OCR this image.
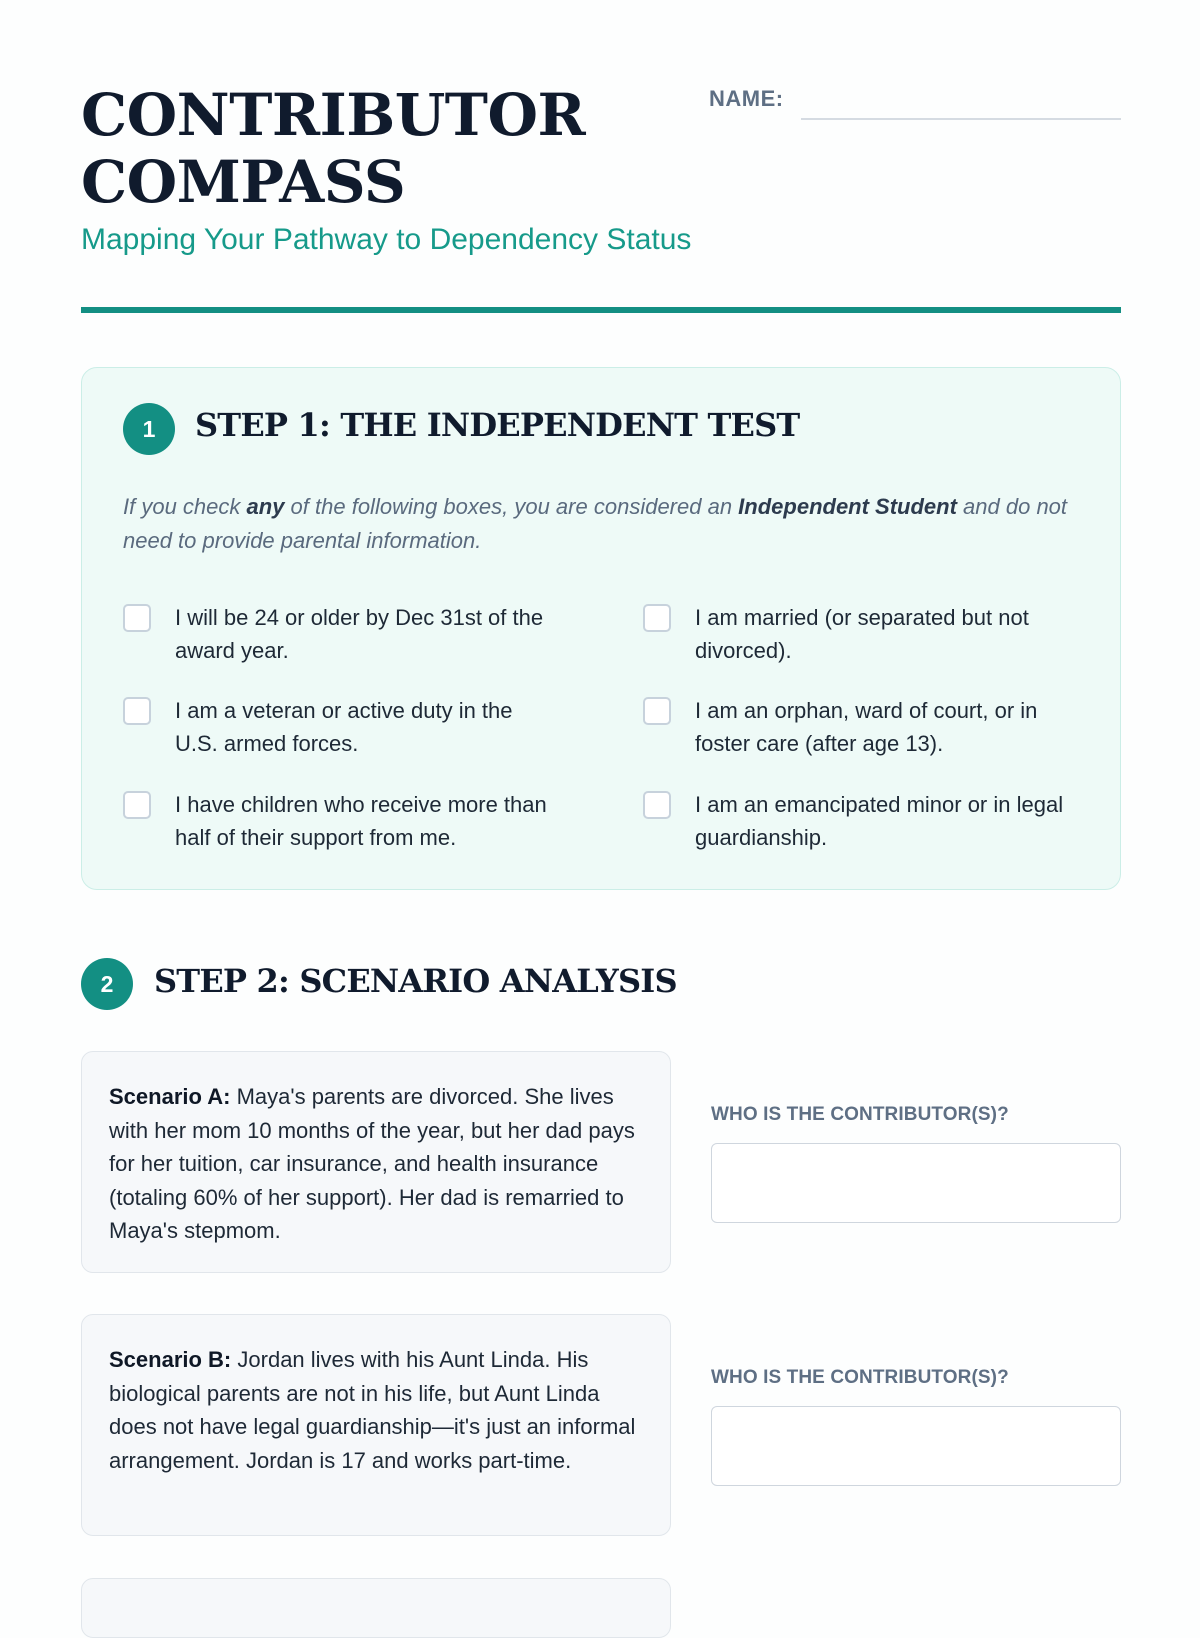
CONTRIBUTOR
COMPASS
Mapping Your Pathway to Dependency Status
NAME:
1	STEP 1: THE INDEPENDENT TEST

If you check any of the following boxes, you are considered an Independent Student and do not need to provide parental information.

I will be 24 or older by Dec 31st of the award year.
I am married (or separated but not divorced).
I am a veteran or active duty in the U.S. armed forces.
I am an orphan, ward of court, or in foster care (after age 13).
I have children who receive more than half of their support from me.
I am an emancipated minor or in legal guardianship.
2	STEP 2: SCENARIO ANALYSIS
Scenario A: Maya's parents are divorced. She lives with her mom 10 months of the year, but her dad pays for her tuition, car insurance, and health insurance (totaling 60% of her support). Her dad is remarried to Maya's stepmom.
WHO IS THE CONTRIBUTOR(S)?
Scenario B: Jordan lives with his Aunt Linda. His biological parents are not in his life, but Aunt Linda does not have legal guardianship—it's just an informal arrangement. Jordan is 17 and works part-time.
WHO IS THE CONTRIBUTOR(S)?
